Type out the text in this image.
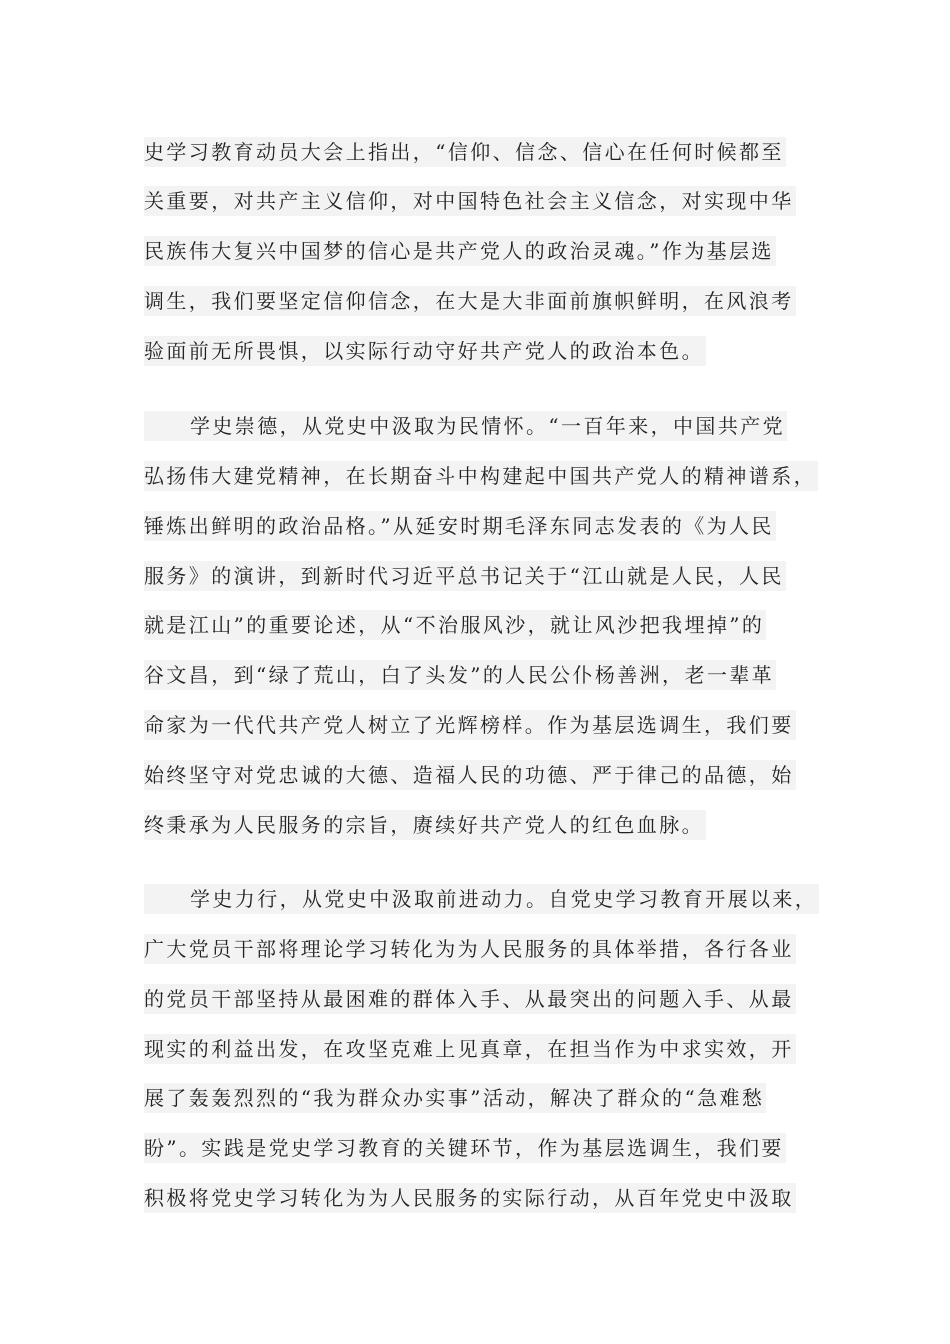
史学习教育动员大会上指出，“信仰、信念、信心在任何时候都至
关重要，对共产主义信仰，对中国特色社会主义信念，对实现中华
民族伟大复兴中国梦的信心是共产党人的政治灵魂。”作为基层选
调生，我们要坚定信仰信念，在大是大非面前旗帜鲜明，在风浪考
验面前无所畏惧，以实际行动守好共产党人的政治本色。
学史崇德，从党史中汲取为民情怀。“一百年来，中国共产党
弘扬伟大建党精神，在长期奋斗中构建起中国共产党人的精神谱系，
锤炼出鲜明的政治品格。”从延安时期毛泽东同志发表的《为人民
服务》的演讲，到新时代习近平总书记关于“江山就是人民，人民
就是江山”的重要论述，从“不治服风沙，就让风沙把我埋掉”的
谷文昌，到“绿了荒山，白了头发”的人民公仆杨善洲，老一辈革
命家为一代代共产党人树立了光辉榜样。作为基层选调生，我们要
始终坚守对党忠诚的大德、造福人民的功德、严于律己的品德，始
终秉承为人民服务的宗旨，赓续好共产党人的红色血脉。
学史力行，从党史中汲取前进动力。自党史学习教育开展以来，
广大党员干部将理论学习转化为为人民服务的具体举措，各行各业
的党员干部坚持从最困难的群体入手、从最突出的问题入手、从最
现实的利益出发，在攻坚克难上见真章，在担当作为中求实效，开
展了轰轰烈烈的“我为群众办实事”活动，解决了群众的“急难愁
盼”。实践是党史学习教育的关键环节，作为基层选调生，我们要
积极将党史学习转化为为人民服务的实际行动，从百年党史中汲取
